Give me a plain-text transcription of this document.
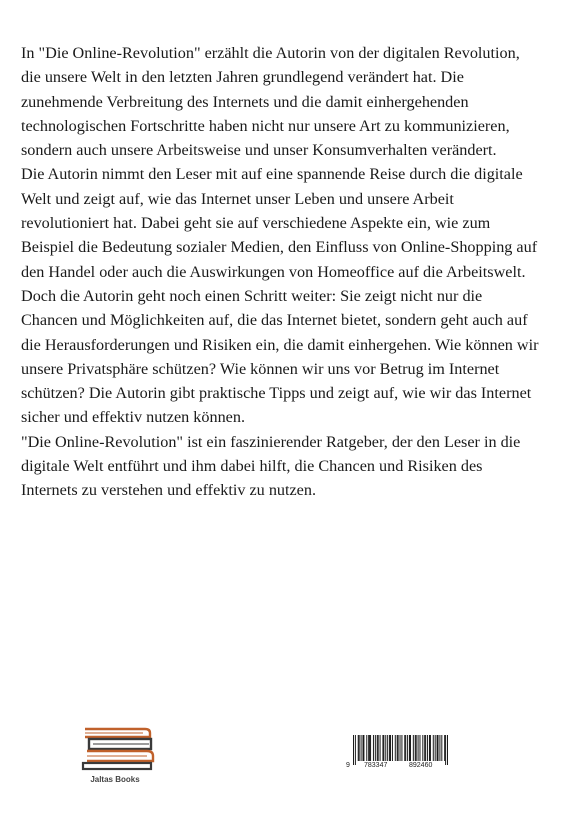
In "Die Online-Revolution" erzählt die Autorin von der digitalen Revolution, die unsere Welt in den letzten Jahren grundlegend verändert hat. Die zunehmende Verbreitung des Internets und die damit einhergehenden technologischen Fortschritte haben nicht nur unsere Art zu kommunizieren, sondern auch unsere Arbeitsweise und unser Konsumverhalten verändert.

Die Autorin nimmt den Leser mit auf eine spannende Reise durch die digitale Welt und zeigt auf, wie das Internet unser Leben und unsere Arbeit revolutioniert hat. Dabei geht sie auf verschiedene Aspekte ein, wie zum Beispiel die Bedeutung sozialer Medien, den Einfluss von Online-Shopping auf den Handel oder auch die Auswirkungen von Homeoffice auf die Arbeitswelt.

Doch die Autorin geht noch einen Schritt weiter: Sie zeigt nicht nur die Chancen und Möglichkeiten auf, die das Internet bietet, sondern geht auch auf die Herausforderungen und Risiken ein, die damit einhergehen. Wie können wir unsere Privatsphäre schützen? Wie können wir uns vor Betrug im Internet schützen? Die Autorin gibt praktische Tipps und zeigt auf, wie wir das Internet sicher und effektiv nutzen können.

"Die Online-Revolution" ist ein faszinierender Ratgeber, der den Leser in die digitale Welt entführt und ihm dabei hilft, die Chancen und Risiken des Internets zu verstehen und effektiv zu nutzen.

Jaltas Books
9 783347	892460
